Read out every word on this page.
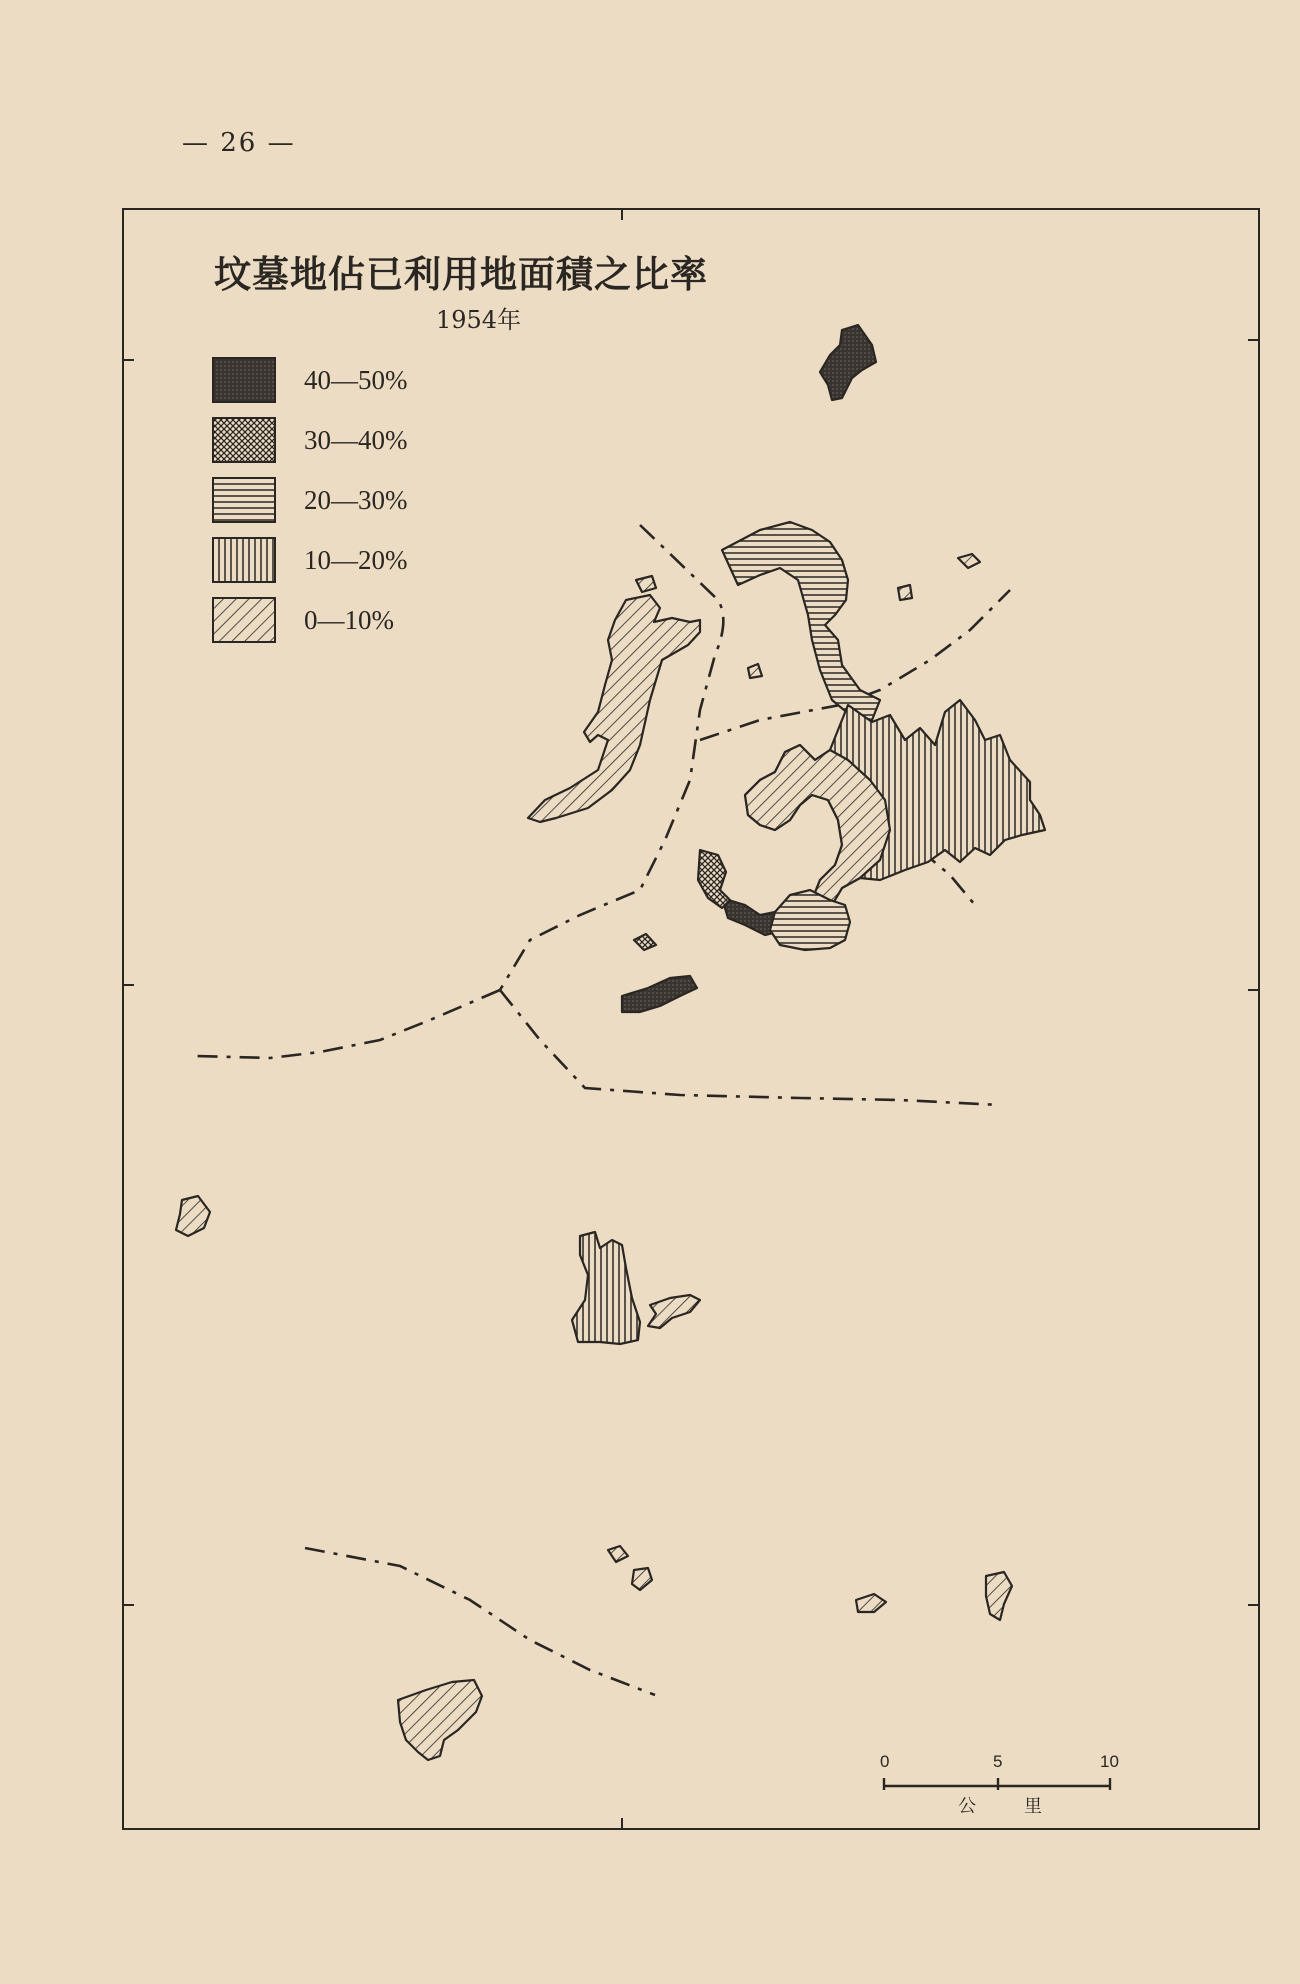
— 26 —
坟墓地佔已利用地面積之比率
1954年
40—50%
30—40%
20—30%
10—20%
0—10%
0	5	10
公	里
